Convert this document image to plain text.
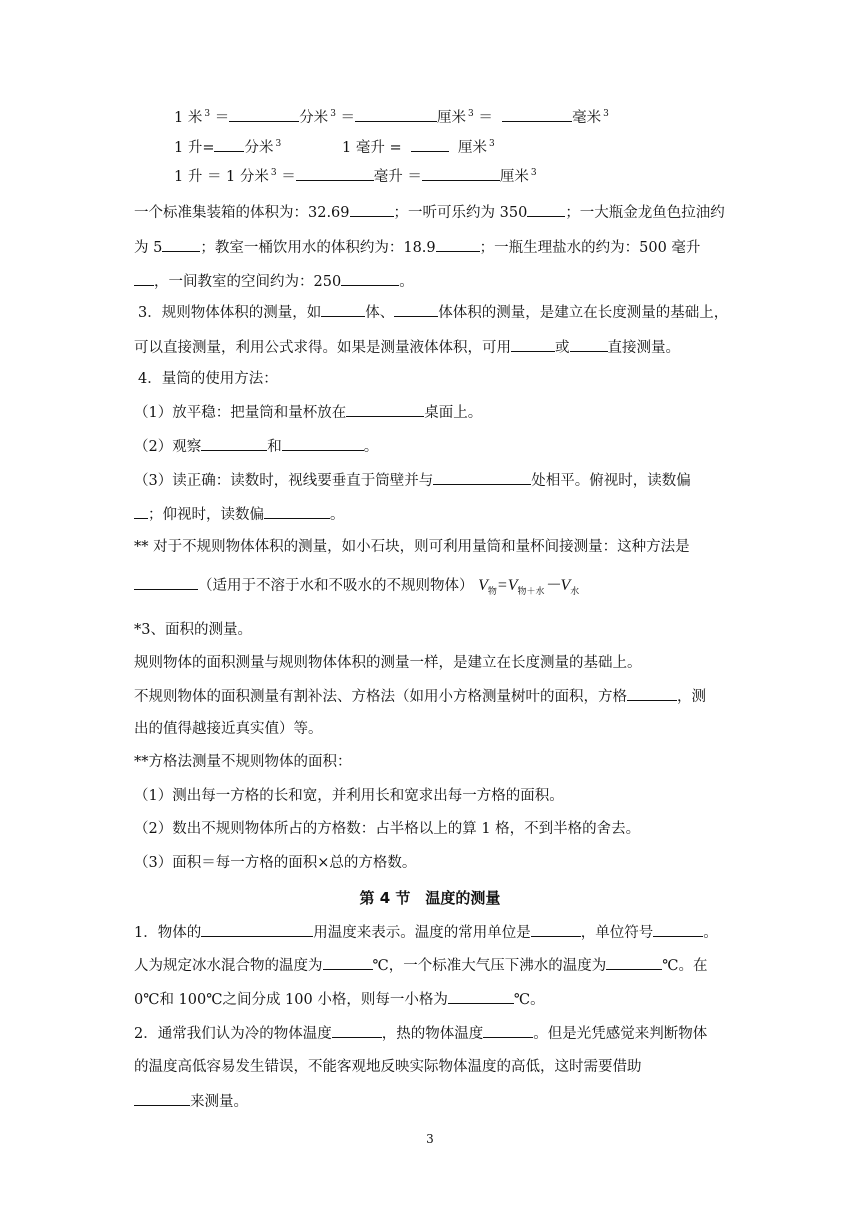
1 米 $^3$ ＝	分米 $^3$ ＝	厘米 $^3$ ＝	毫米 $^3$
1 升= 分米 $^3$	1 毫升 =	厘米 $^3$
1 升 ＝ 1 分米 $^3$ ＝	毫升 ＝	厘米 $^3$
一个标准集装箱的体积为：32.69	；一听可乐约为 350	；一大瓶金龙鱼色拉油约
为 5	；教室一桶饮用水的体积约为：18.9	；一瓶生理盐水的约为：500 毫升
，一间教室的空间约为：250	。
3．规则物体体积的测量，如	体、	体体积的测量，是建立在长度测量的基础上，
可以直接测量，利用公式求得。如果是测量液体体积，可用	或	直接测量。
4．量筒的使用方法：
（1）放平稳：把量筒和量杯放在	桌面上。
（2）观察	和	。
（3）读正确：读数时，视线要垂直于筒壁并与	处相平。俯视时，读数偏
；仰视时，读数偏	。
** 对于不规则物体体积的测量，如小石块，则可利用量筒和量杯间接测量：这种方法是
（适用于不溶于水和不吸水的不规则物体） $V_物=V_{物+水}-V_水$
*3、面积的测量。
规则物体的面积测量与规则物体体积的测量一样，是建立在长度测量的基础上。
不规则物体的面积测量有割补法、方格法（如用小方格测量树叶的面积，方格	，测
出的值得越接近真实值）等。
**方格法测量不规则物体的面积：
（1）测出每一方格的长和宽，并利用长和宽求出每一方格的面积。
（2）数出不规则物体所占的方格数：占半格以上的算 1 格，不到半格的舍去。
（3）面积＝每一方格的面积×总的方格数。
第 4 节　温度的测量
1．物体的	用温度来表示。温度的常用单位是	，单位符号	。
人为规定冰水混合物的温度为	℃，一个标准大气压下沸水的温度为	℃。在
0℃和 100℃之间分成 100 小格，则每一小格为	℃。
2．通常我们认为冷的物体温度	，热的物体温度	。但是光凭感觉来判断物体
的温度高低容易发生错误，不能客观地反映实际物体温度的高低，这时需要借助
来测量。
3
